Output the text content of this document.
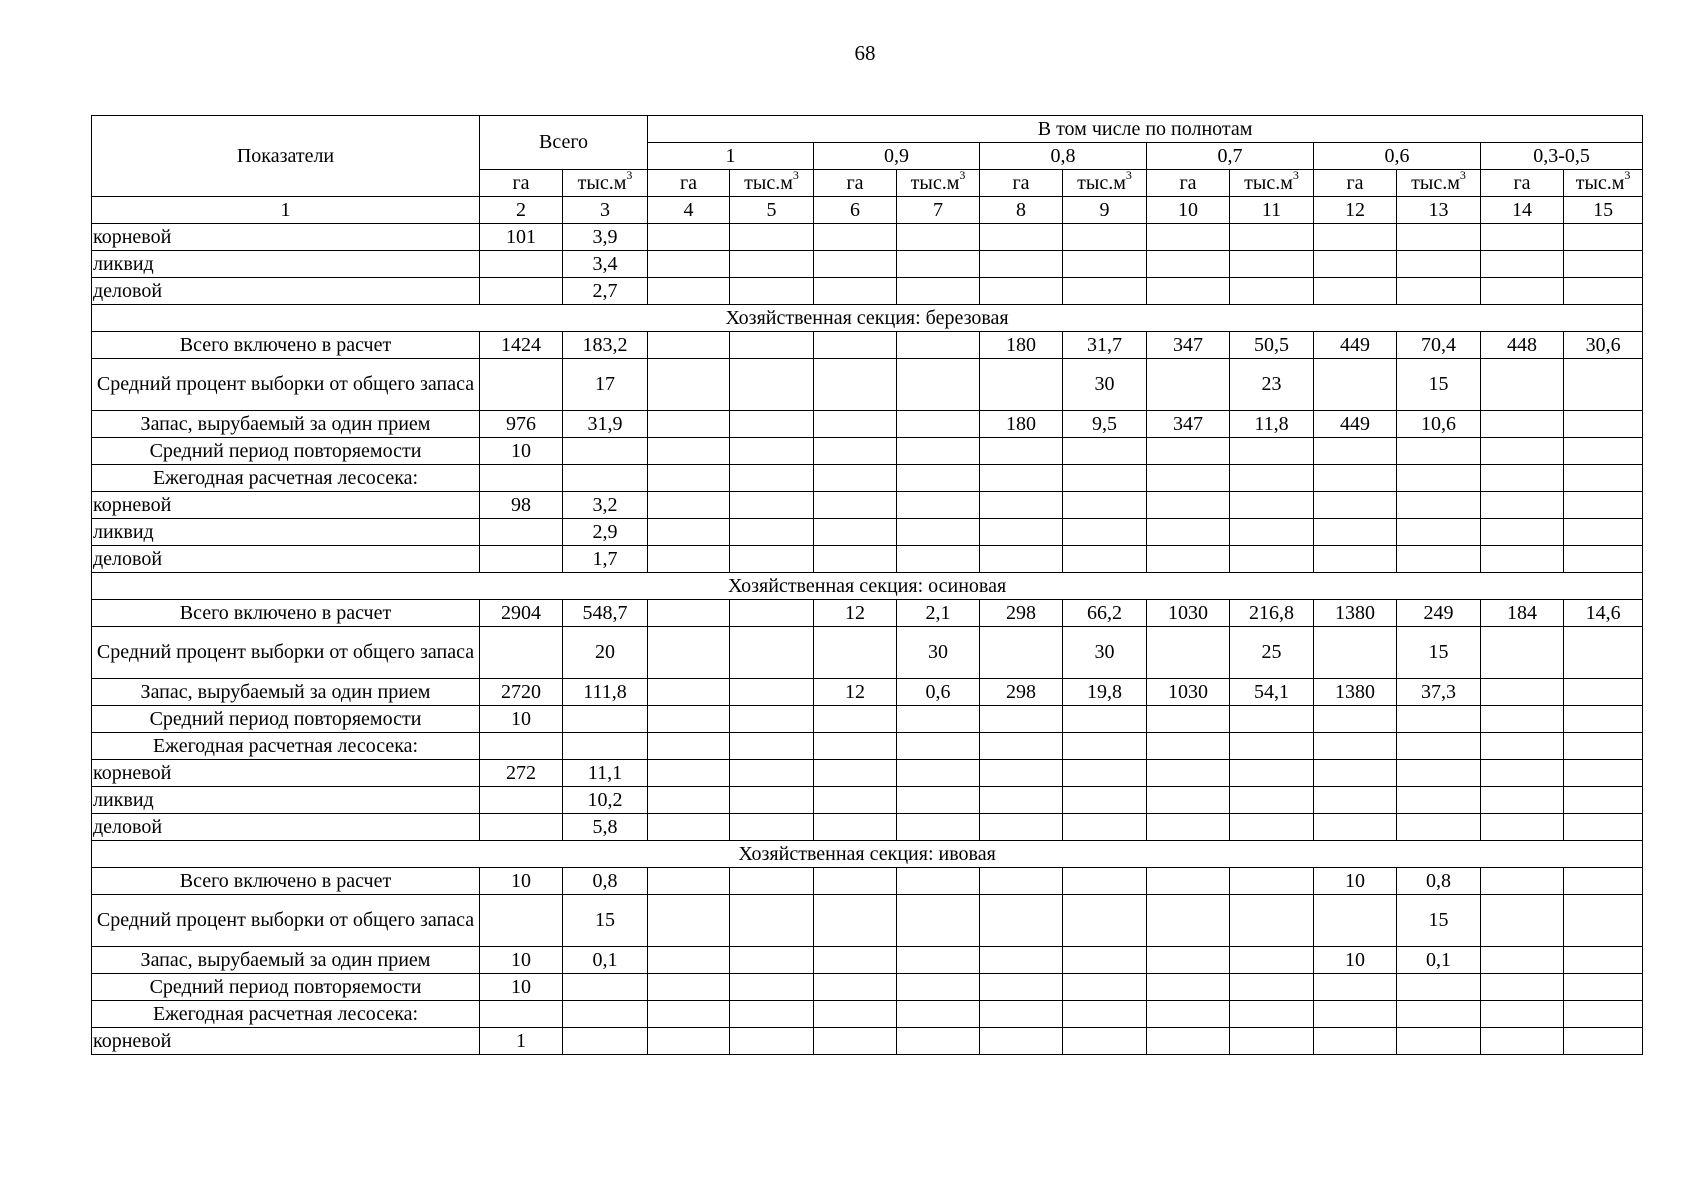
68
Показатели	Всего		В том числе по полнотам											
			1		0,9		0,8		0,7		0,6		0,3-0,5	
	га	$тыс.м^3$	га	$тыс.м^3$	га	$тыс.м^3$	га	$тыс.м^3$	га	$тыс.м^3$	га	$тыс.м^3$	га	$тыс.м^3$
1	2	3	4	5	6	7	8	9	10	11	12	13	14	15
корневой	101	3,9												
ликвид		3,4												
деловой		2,7												
Хозяйственная секция: березовая														
Всего включено в расчет	1424	183,2					180	31,7	347	50,5	449	70,4	448	30,6
Средний процент выборки от общего запаса		17						30		23		15		
Запас, вырубаемый за один прием	976	31,9					180	9,5	347	11,8	449	10,6		
Средний период повторяемости	10													
Ежегодная расчетная лесосека:														
корневой	98	3,2												
ликвид		2,9												
деловой		1,7												
Хозяйственная секция: осиновая														
Всего включено в расчет	2904	548,7			12	2,1	298	66,2	1030	216,8	1380	249	184	14,6
Средний процент выборки от общего запаса		20				30		30		25		15		
Запас, вырубаемый за один прием	2720	111,8			12	0,6	298	19,8	1030	54,1	1380	37,3		
Средний период повторяемости	10													
Ежегодная расчетная лесосека:														
корневой	272	11,1												
ликвид		10,2												
деловой		5,8												
Хозяйственная секция: ивовая														
Всего включено в расчет	10	0,8									10	0,8		
Средний процент выборки от общего запаса		15										15		
Запас, вырубаемый за один прием	10	0,1									10	0,1		
Средний период повторяемости	10													
Ежегодная расчетная лесосека:														
корневой	1													
